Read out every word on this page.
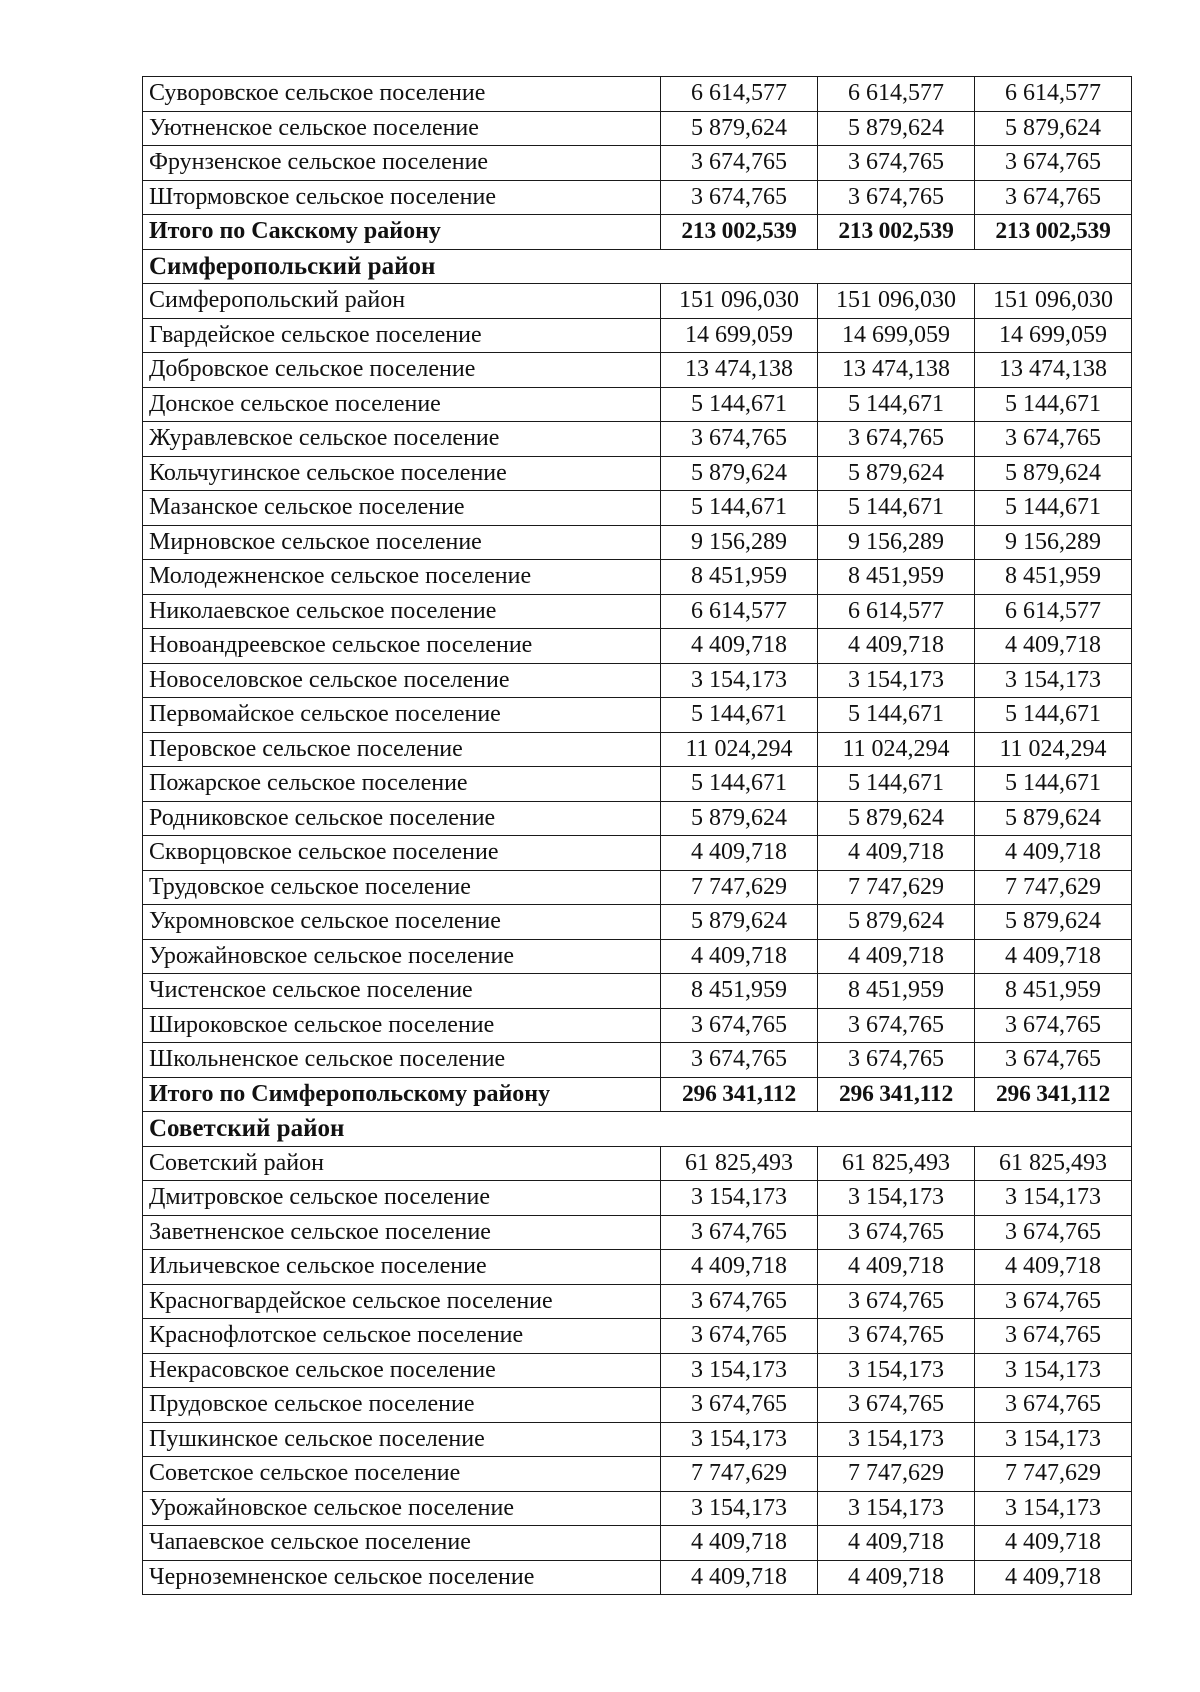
Суворовское сельское поселение	6 614,577	6 614,577	6 614,577
Уютненское сельское поселение	5 879,624	5 879,624	5 879,624
Фрунзенское сельское поселение	3 674,765	3 674,765	3 674,765
Штормовское сельское поселение	3 674,765	3 674,765	3 674,765
Итого по Сакскому району	213 002,539	213 002,539	213 002,539
Симферопольский район			
Симферопольский район	151 096,030	151 096,030	151 096,030
Гвардейское сельское поселение	14 699,059	14 699,059	14 699,059
Добровское сельское поселение	13 474,138	13 474,138	13 474,138
Донское сельское поселение	5 144,671	5 144,671	5 144,671
Журавлевское сельское поселение	3 674,765	3 674,765	3 674,765
Кольчугинское сельское поселение	5 879,624	5 879,624	5 879,624
Мазанское сельское поселение	5 144,671	5 144,671	5 144,671
Мирновское сельское поселение	9 156,289	9 156,289	9 156,289
Молодежненское сельское поселение	8 451,959	8 451,959	8 451,959
Николаевское сельское поселение	6 614,577	6 614,577	6 614,577
Новоандреевское сельское поселение	4 409,718	4 409,718	4 409,718
Новоселовское сельское поселение	3 154,173	3 154,173	3 154,173
Первомайское сельское поселение	5 144,671	5 144,671	5 144,671
Перовское сельское поселение	11 024,294	11 024,294	11 024,294
Пожарское сельское поселение	5 144,671	5 144,671	5 144,671
Родниковское сельское поселение	5 879,624	5 879,624	5 879,624
Скворцовское сельское поселение	4 409,718	4 409,718	4 409,718
Трудовское сельское поселение	7 747,629	7 747,629	7 747,629
Укромновское сельское поселение	5 879,624	5 879,624	5 879,624
Урожайновское сельское поселение	4 409,718	4 409,718	4 409,718
Чистенское сельское поселение	8 451,959	8 451,959	8 451,959
Широковское сельское поселение	3 674,765	3 674,765	3 674,765
Школьненское сельское поселение	3 674,765	3 674,765	3 674,765
Итого по Симферопольскому району	296 341,112	296 341,112	296 341,112
Советский район			
Советский район	61 825,493	61 825,493	61 825,493
Дмитровское сельское поселение	3 154,173	3 154,173	3 154,173
Заветненское сельское поселение	3 674,765	3 674,765	3 674,765
Ильичевское сельское поселение	4 409,718	4 409,718	4 409,718
Красногвардейское сельское поселение	3 674,765	3 674,765	3 674,765
Краснофлотское сельское поселение	3 674,765	3 674,765	3 674,765
Некрасовское сельское поселение	3 154,173	3 154,173	3 154,173
Прудовское сельское поселение	3 674,765	3 674,765	3 674,765
Пушкинское сельское поселение	3 154,173	3 154,173	3 154,173
Советское сельское поселение	7 747,629	7 747,629	7 747,629
Урожайновское сельское поселение	3 154,173	3 154,173	3 154,173
Чапаевское сельское поселение	4 409,718	4 409,718	4 409,718
Черноземненское сельское поселение	4 409,718	4 409,718	4 409,718
